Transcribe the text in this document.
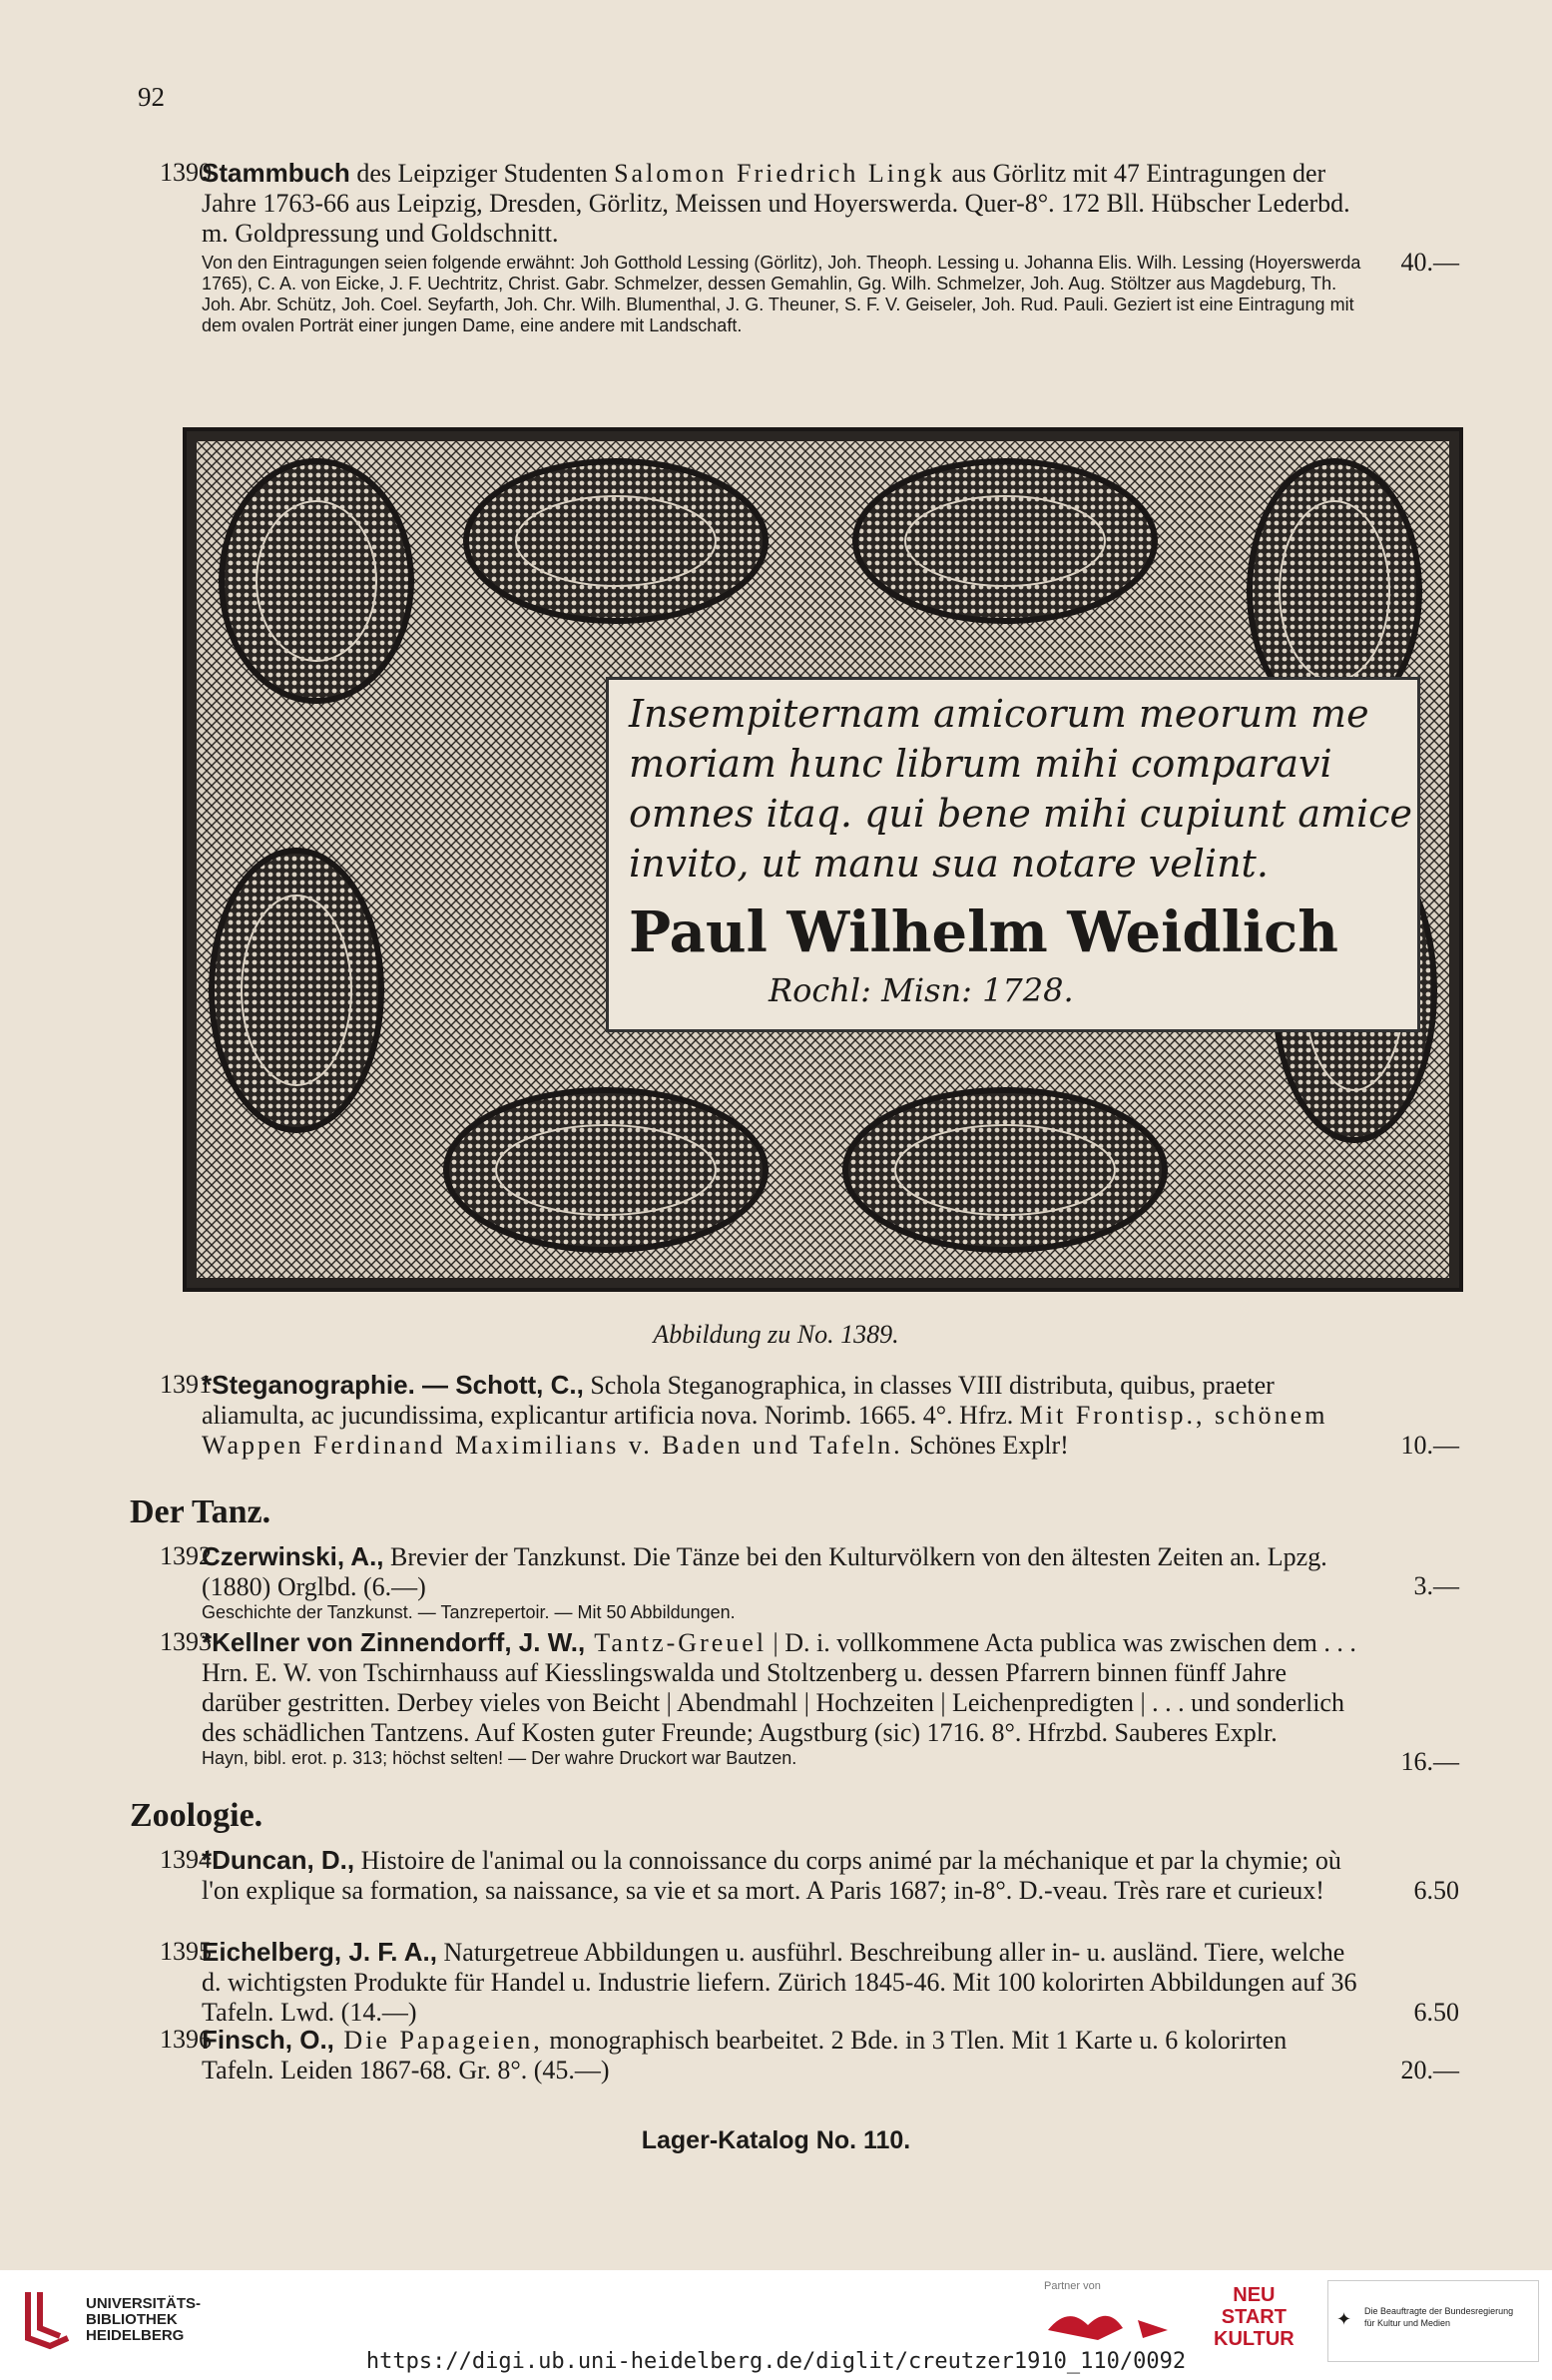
92
1390
Stammbuch des Leipziger Studenten Salomon Friedrich Lingk aus Görlitz mit 47 Eintragungen der Jahre 1763-66 aus Leipzig, Dresden, Görlitz, Meissen und Hoyerswerda. Quer-8°. 172 Bll. Hübscher Lederbd. m. Goldpressung und Goldschnitt.
Von den Eintragungen seien folgende erwähnt: Joh Gotthold Lessing (Görlitz), Joh. Theoph. Lessing u. Johanna Elis. Wilh. Lessing (Hoyerswerda 1765), C. A. von Eicke, J. F. Uechtritz, Christ. Gabr. Schmelzer, dessen Gemahlin, Gg. Wilh. Schmelzer, Joh. Aug. Stöltzer aus Magdeburg, Th. Joh. Abr. Schütz, Joh. Coel. Seyfarth, Joh. Chr. Wilh. Blumenthal, J. G. Theuner, S. F. V. Geiseler, Joh. Rud. Pauli. Geziert ist eine Eintragung mit dem ovalen Porträt einer jungen Dame, eine andere mit Landschaft.
40.—
Insempiternam amicorum meorum me
moriam hunc librum mihi comparavi
omnes itaq. qui bene mihi cupiunt amice
invito, ut manu sua notare velint.
Paul Wilhelm Weidlich
Rochl: Misn: 1728.
Abbildung zu No. 1389.
1391
*Steganographie. — Schott, C., Schola Steganographica, in classes VIII distributa, quibus, praeter aliamulta, ac jucundissima, explicantur artificia nova. Norimb. 1665. 4°. Hfrz. Mit Frontisp., schönem Wappen Ferdinand Maximilians v. Baden und Tafeln. Schönes Explr!	10.—
Der Tanz.
1392
Czerwinski, A., Brevier der Tanzkunst. Die Tänze bei den Kulturvölkern von den ältesten Zeiten an. Lpzg. (1880) Orglbd. (6.—)
Geschichte der Tanzkunst. — Tanzrepertoir. — Mit 50 Abbildungen.
3.—
1393
*Kellner von Zinnendorff, J. W., Tantz-Greuel | D. i. vollkommene Acta publica was zwischen dem . . . Hrn. E. W. von Tschirnhauss auf Kiesslingswalda und Stoltzenberg u. dessen Pfarrern binnen fünff Jahre darüber gestritten. Derbey vieles von Beicht | Abendmahl | Hochzeiten | Leichenpredigten | . . . und sonderlich des schädlichen Tantzens. Auf Kosten guter Freunde; Augstburg (sic) 1716. 8°. Hfrzbd. Sauberes Explr.
Hayn, bibl. erot. p. 313; höchst selten! — Der wahre Druckort war Bautzen.	16.—
Zoologie.
1394
*Duncan, D., Histoire de l'animal ou la connoissance du corps animé par la méchanique et par la chymie; où l'on explique sa formation, sa naissance, sa vie et sa mort. A Paris 1687; in-8°. D.-veau. Très rare et curieux!	6.50
1395
Eichelberg, J. F. A., Naturgetreue Abbildungen u. ausführl. Beschreibung aller in- u. ausländ. Tiere, welche d. wichtigsten Produkte für Handel u. Industrie liefern. Zürich 1845-46. Mit 100 kolorirten Abbildungen auf 36 Tafeln. Lwd. (14.—)	6.50
1396
Finsch, O., Die Papageien, monographisch bearbeitet. 2 Bde. in 3 Tlen. Mit 1 Karte u. 6 kolorirten Tafeln. Leiden 1867-68. Gr. 8°. (45.—)	20.—
Lager-Katalog No. 110.
UNIVERSITÄTS-
BIBLIOTHEK
HEIDELBERG
Partner von	NEU
START
KULTUR
✦ Die Beauftragte der Bundesregierung
für Kultur und Medien
https://digi.ub.uni-heidelberg.de/diglit/creutzer1910_110/0092
